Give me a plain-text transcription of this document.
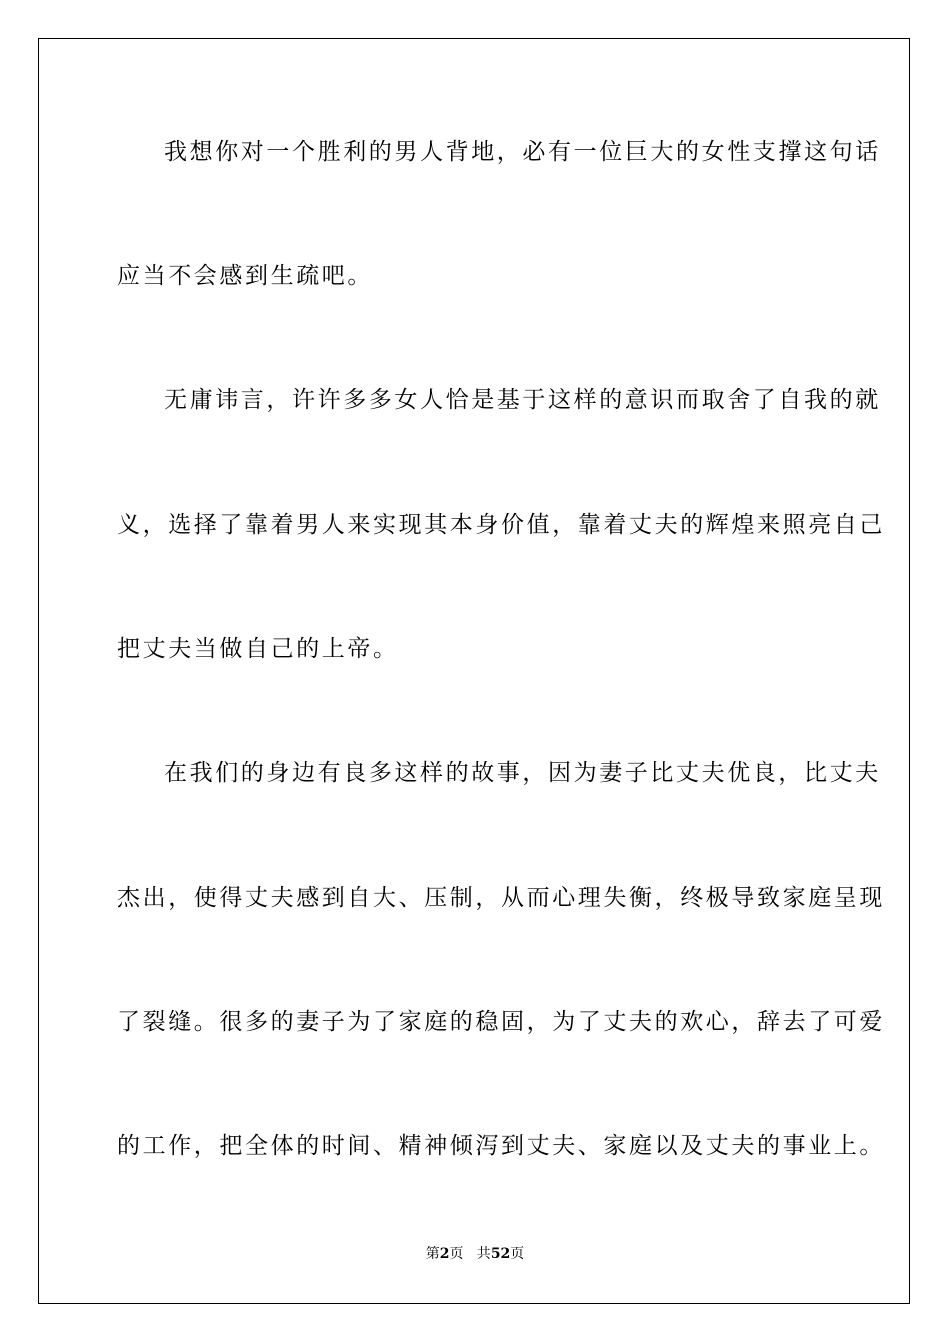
我想你对一个胜利的男人背地，必有一位巨大的女性支撑这句话
应当不会感到生疏吧。
无庸讳言，许许多多女人恰是基于这样的意识而取舍了自我的就
义，选择了靠着男人来实现其本身价值，靠着丈夫的辉煌来照亮自己
把丈夫当做自己的上帝。
在我们的身边有良多这样的故事，因为妻子比丈夫优良，比丈夫
杰出，使得丈夫感到自大、压制，从而心理失衡，终极导致家庭呈现
了裂缝。很多的妻子为了家庭的稳固，为了丈夫的欢心，辞去了可爱
的工作，把全体的时间、精神倾泻到丈夫、家庭以及丈夫的事业上。
第2页   共52页
